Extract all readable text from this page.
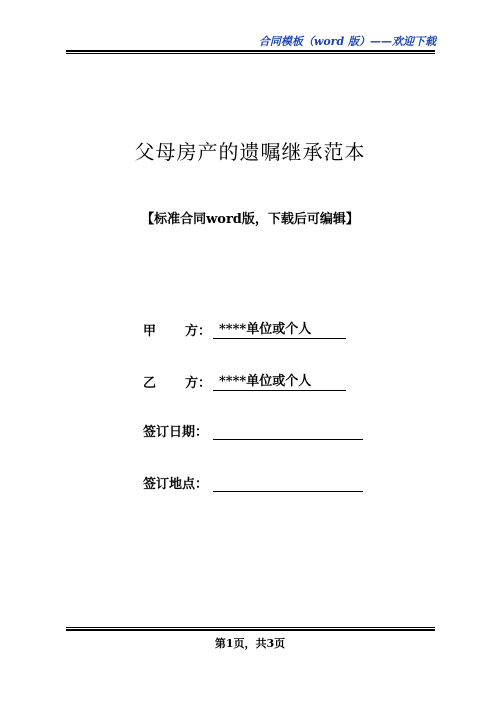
合同模板（word 版）——欢迎下载
父母房产的遗嘱继承范本
【标准合同word版，下载后可编辑】
甲 方： ****单位或个人
乙 方： ****单位或个人
签订日期：
签订地点：
第1页，共3页
